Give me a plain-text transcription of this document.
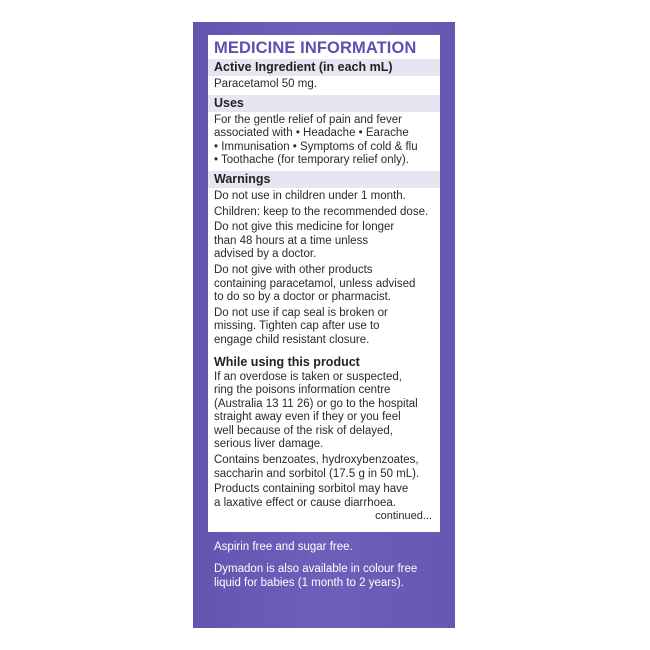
MEDICINE INFORMATION
Active Ingredient (in each mL)
Paracetamol 50 mg.
Uses
For the gentle relief of pain and fever
associated with • Headache • Earache
• Immunisation • Symptoms of cold & flu
• Toothache (for temporary relief only).
Warnings
Do not use in children under 1 month.
Children: keep to the recommended dose.
Do not give this medicine for longer
than 48 hours at a time unless
advised by a doctor.
Do not give with other products
containing paracetamol, unless advised
to do so by a doctor or pharmacist.
Do not use if cap seal is broken or
missing. Tighten cap after use to
engage child resistant closure.
While using this product
If an overdose is taken or suspected,
ring the poisons information centre
(Australia 13 11 26) or go to the hospital
straight away even if they or you feel
well because of the risk of delayed,
serious liver damage.
Contains benzoates, hydroxybenzoates,
saccharin and sorbitol (17.5 g in 50 mL).
Products containing sorbitol may have
a laxative effect or cause diarrhoea.
continued...
Aspirin free and sugar free.
Dymadon is also available in colour free
liquid for babies (1 month to 2 years).
